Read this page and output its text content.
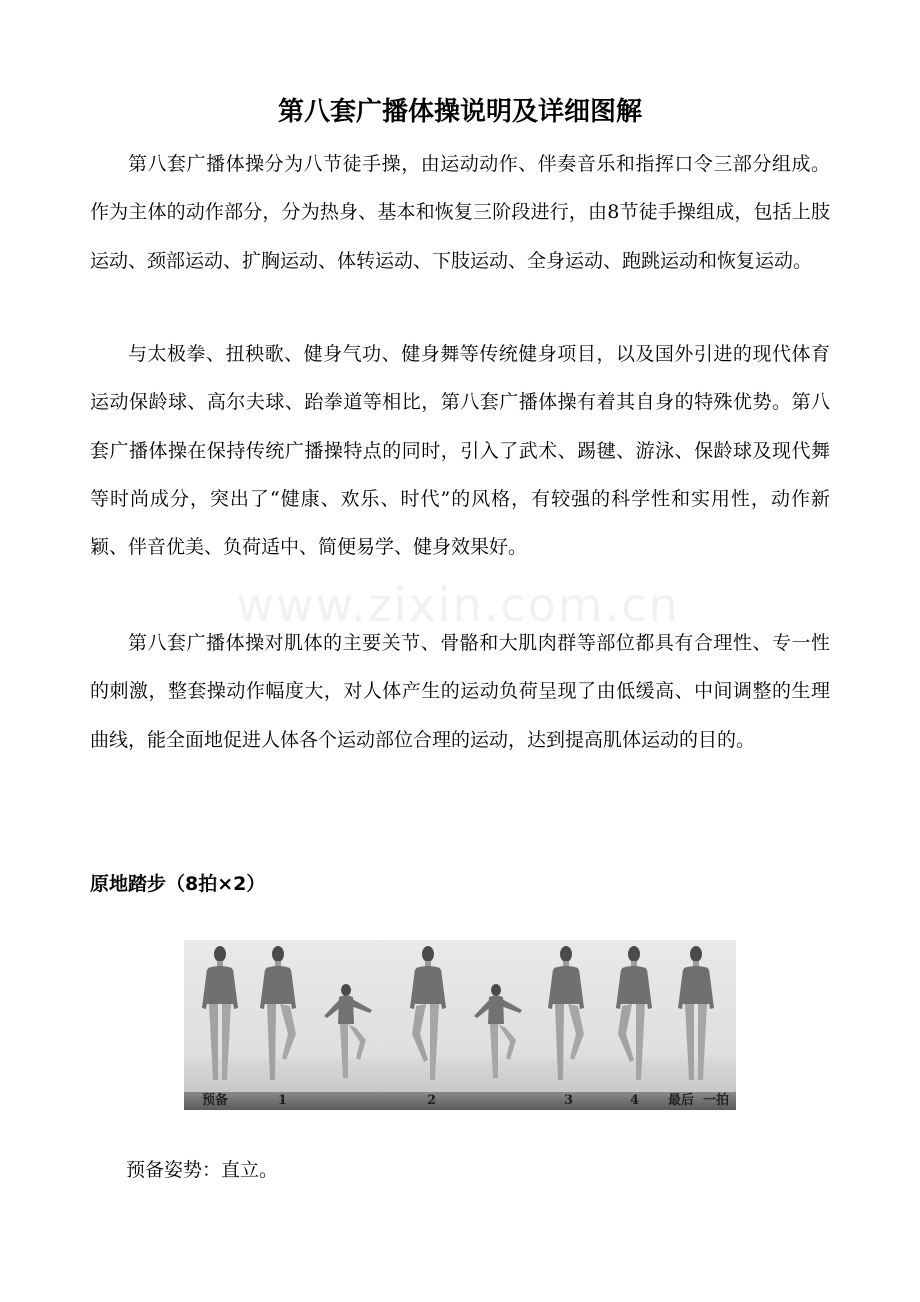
第八套广播体操说明及详细图解

第八套广播体操分为八节徒手操，由运动动作、伴奏音乐和指挥口令三部分组成。作为主体的动作部分，分为热身、基本和恢复三阶段进行，由8节徒手操组成，包括上肢运动、颈部运动、扩胸运动、体转运动、下肢运动、全身运动、跑跳运动和恢复运动。

与太极拳、扭秧歌、健身气功、健身舞等传统健身项目，以及国外引进的现代体育运动保龄球、高尔夫球、跆拳道等相比，第八套广播体操有着其自身的特殊优势。第八套广播体操在保持传统广播操特点的同时，引入了武术、踢毽、游泳、保龄球及现代舞等时尚成分，突出了“健康、欢乐、时代”的风格，有较强的科学性和实用性，动作新颖、伴音优美、负荷适中、简便易学、健身效果好。

www.zixin.com.cn

第八套广播体操对肌体的主要关节、骨骼和大肌肉群等部位都具有合理性、专一性的刺激，整套操动作幅度大，对人体产生的运动负荷呈现了由低缓高、中间调整的生理曲线，能全面地促进人体各个运动部位合理的运动，达到提高肌体运动的目的。

原地踏步（8拍×2）
预备	1	2	3	4 最后  一拍

预备姿势：直立。
